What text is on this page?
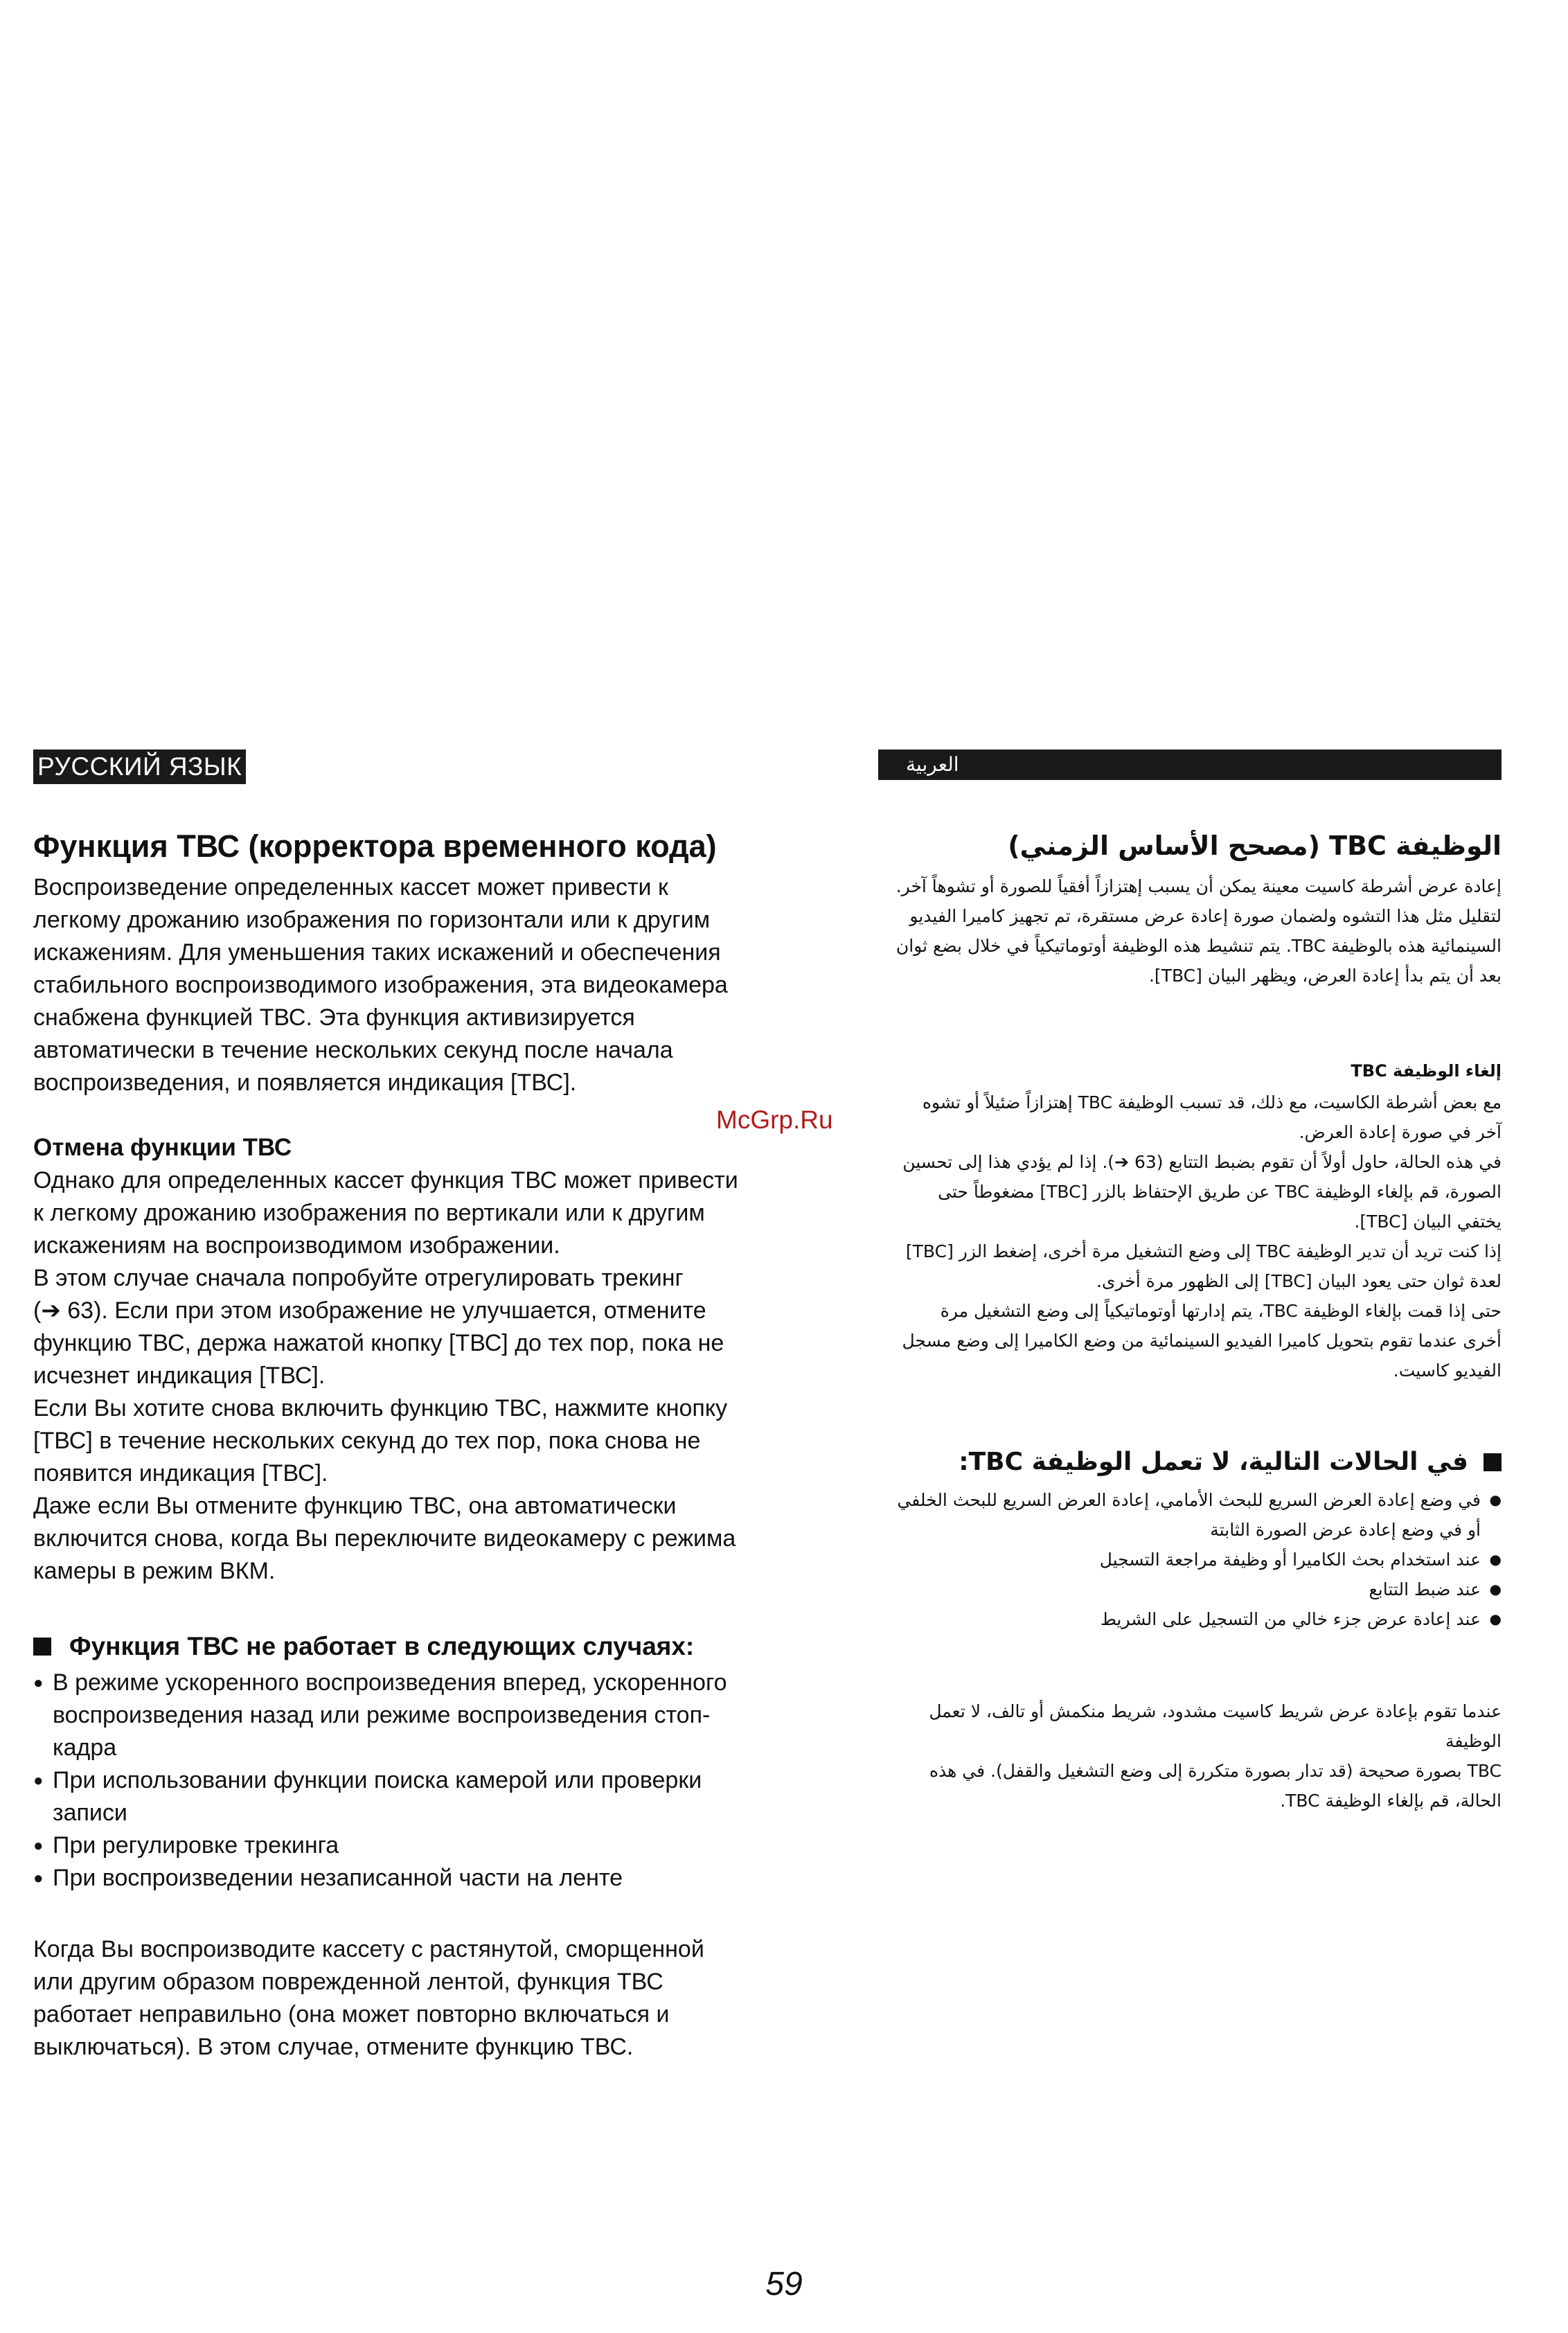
РУССКИЙ ЯЗЫК
Функция ТВС (корректора временного кода)

Воспроизведение определенных кассет может привести к

легкому дрожанию изображения по горизонтали или к другим

искажениям. Для уменьшения таких искажений и обеспечения

стабильного воспроизводимого изображения, эта видеокамера

снабжена функцией ТВС. Эта функция активизируется

автоматически в течение нескольких секунд после начала

воспроизведения, и появляется индикация [ТВС].

Отмена функции ТВС

Однако для определенных кассет функция ТВС может привести

к легкому дрожанию изображения по вертикали или к другим

искажениям на воспроизводимом изображении.

В этом случае сначала попробуйте отрегулировать трекинг

(➔ 63). Если при этом изображение не улучшается, отмените

функцию ТВС, держа нажатой кнопку [ТВС] до тех пор, пока не

исчезнет индикация [ТВС].

Если Вы хотите снова включить функцию ТВС, нажмите кнопку

[ТВС] в течение нескольких секунд до тех пор, пока снова не

появится индикация [ТВС].

Даже если Вы отмените функцию ТВС, она автоматически

включится снова, когда Вы переключите видеокамеру с режима

камеры в режим ВКМ.

Функция ТВС не работает в следующих случаях:
● В режиме ускоренного воспроизведения вперед, ускоренного
воспроизведения назад или режиме воспроизведения стоп-
кадра
● При использовании функции поиска камерой или проверки
записи
● При регулировке трекинга
● При воспроизведении незаписанной части на ленте

Когда Вы воспроизводите кассету с растянутой, сморщенной

или другим образом поврежденной лентой, функция ТВС

работает неправильно (она может повторно включаться и

выключаться). В этом случае, отмените функцию ТВС.

العربية
الوظيفة TBC (مصحح الأساس الزمني)

إعادة عرض أشرطة كاسيت معينة يمكن أن يسبب إهتزازاً أفقياً للصورة أو تشوهاً آخر.

لتقليل مثل هذا التشوه ولضمان صورة إعادة عرض مستقرة، تم تجهيز كاميرا الفيديو

السينمائية هذه بالوظيفة TBC. يتم تنشيط هذه الوظيفة أوتوماتيكياً في خلال بضع ثوان

بعد أن يتم بدأ إعادة العرض، ويظهر البيان [TBC].

إلغاء الوظيفة TBC

مع بعض أشرطة الكاسيت، مع ذلك، قد تسبب الوظيفة TBC إهتزازاً ضئيلاً أو تشوه

آخر في صورة إعادة العرض.

في هذه الحالة، حاول أولاً أن تقوم بضبط التتابع (63 ➔). إذا لم يؤدي هذا إلى تحسين

الصورة، قم بإلغاء الوظيفة TBC عن طريق الإحتفاظ بالزر [TBC] مضغوطاً حتى

يختفي البيان [TBC].

إذا كنت تريد أن تدير الوظيفة TBC إلى وضع التشغيل مرة أخرى، إضغط الزر [TBC]

لعدة ثوان حتى يعود البيان [TBC] إلى الظهور مرة أخرى.

حتى إذا قمت بإلغاء الوظيفة TBC، يتم إدارتها أوتوماتيكياً إلى وضع التشغيل مرة

أخرى عندما تقوم بتحويل كاميرا الفيديو السينمائية من وضع الكاميرا إلى وضع مسجل

الفيديو كاسيت.

في الحالات التالية، لا تعمل الوظيفة TBC:
● في وضع إعادة العرض السريع للبحث الأمامي، إعادة العرض السريع للبحث الخلفي
أو في وضع إعادة عرض الصورة الثابتة
● عند استخدام بحث الكاميرا أو وظيفة مراجعة التسجيل
● عند ضبط التتابع
● عند إعادة عرض جزء خالي من التسجيل على الشريط

عندما تقوم بإعادة عرض شريط كاسيت مشدود، شريط منكمش أو تالف، لا تعمل الوظيفة

TBC بصورة صحيحة (قد تدار بصورة متكررة إلى وضع التشغيل والقفل). في هذه

الحالة، قم بإلغاء الوظيفة TBC.

McGrp.Ru
59
